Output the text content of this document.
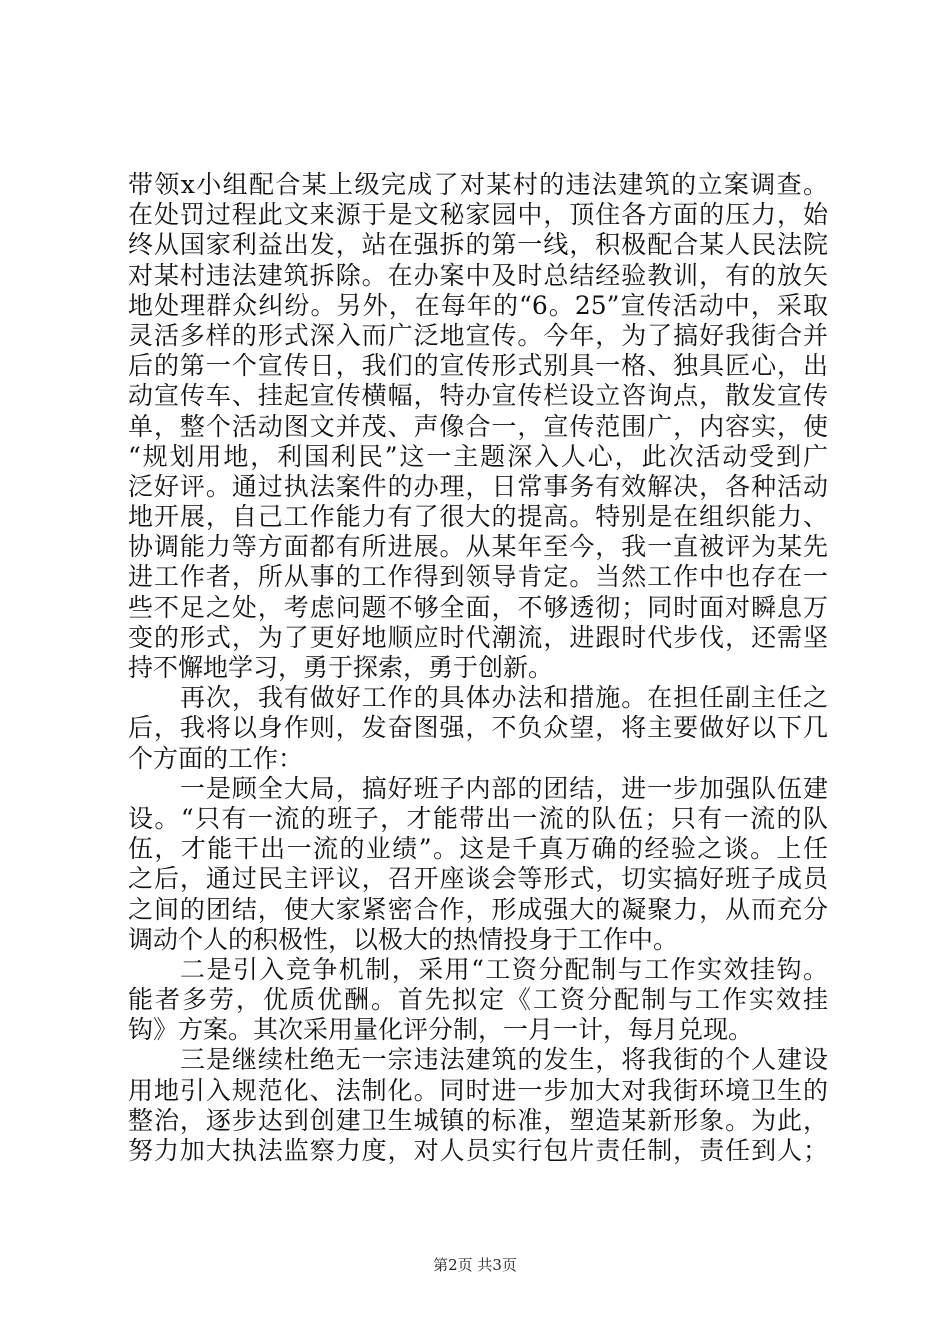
带领x小组配合某上级完成了对某村的违法建筑的立案调查。
在处罚过程此文来源于是文秘家园中，顶住各方面的压力，始
终从国家利益出发，站在强拆的第一线，积极配合某人民法院
对某村违法建筑拆除。在办案中及时总结经验教训，有的放矢
地处理群众纠纷。另外，在每年的“6。25”宣传活动中，采取
灵活多样的形式深入而广泛地宣传。今年，为了搞好我街合并
后的第一个宣传日，我们的宣传形式别具一格、独具匠心，出
动宣传车、挂起宣传横幅，特办宣传栏设立咨询点，散发宣传
单，整个活动图文并茂、声像合一，宣传范围广，内容实，使
“规划用地，利国利民”这一主题深入人心，此次活动受到广
泛好评。通过执法案件的办理，日常事务有效解决，各种活动
地开展，自己工作能力有了很大的提高。特别是在组织能力、
协调能力等方面都有所进展。从某年至今，我一直被评为某先
进工作者，所从事的工作得到领导肯定。当然工作中也存在一
些不足之处，考虑问题不够全面，不够透彻；同时面对瞬息万
变的形式，为了更好地顺应时代潮流，进跟时代步伐，还需坚
持不懈地学习，勇于探索，勇于创新。
再次，我有做好工作的具体办法和措施。在担任副主任之
后，我将以身作则，发奋图强，不负众望，将主要做好以下几
个方面的工作：
一是顾全大局，搞好班子内部的团结，进一步加强队伍建
设。“只有一流的班子，才能带出一流的队伍；只有一流的队
伍，才能干出一流的业绩”。这是千真万确的经验之谈。上任
之后，通过民主评议，召开座谈会等形式，切实搞好班子成员
之间的团结，使大家紧密合作，形成强大的凝聚力，从而充分
调动个人的积极性，以极大的热情投身于工作中。
二是引入竞争机制，采用“工资分配制与工作实效挂钩。
能者多劳，优质优酬。首先拟定《工资分配制与工作实效挂
钩》方案。其次采用量化评分制，一月一计，每月兑现。
三是继续杜绝无一宗违法建筑的发生，将我街的个人建设
用地引入规范化、法制化。同时进一步加大对我街环境卫生的
整治，逐步达到创建卫生城镇的标准，塑造某新形象。为此，
努力加大执法监察力度，对人员实行包片责任制，责任到人；
第2页 共3页
